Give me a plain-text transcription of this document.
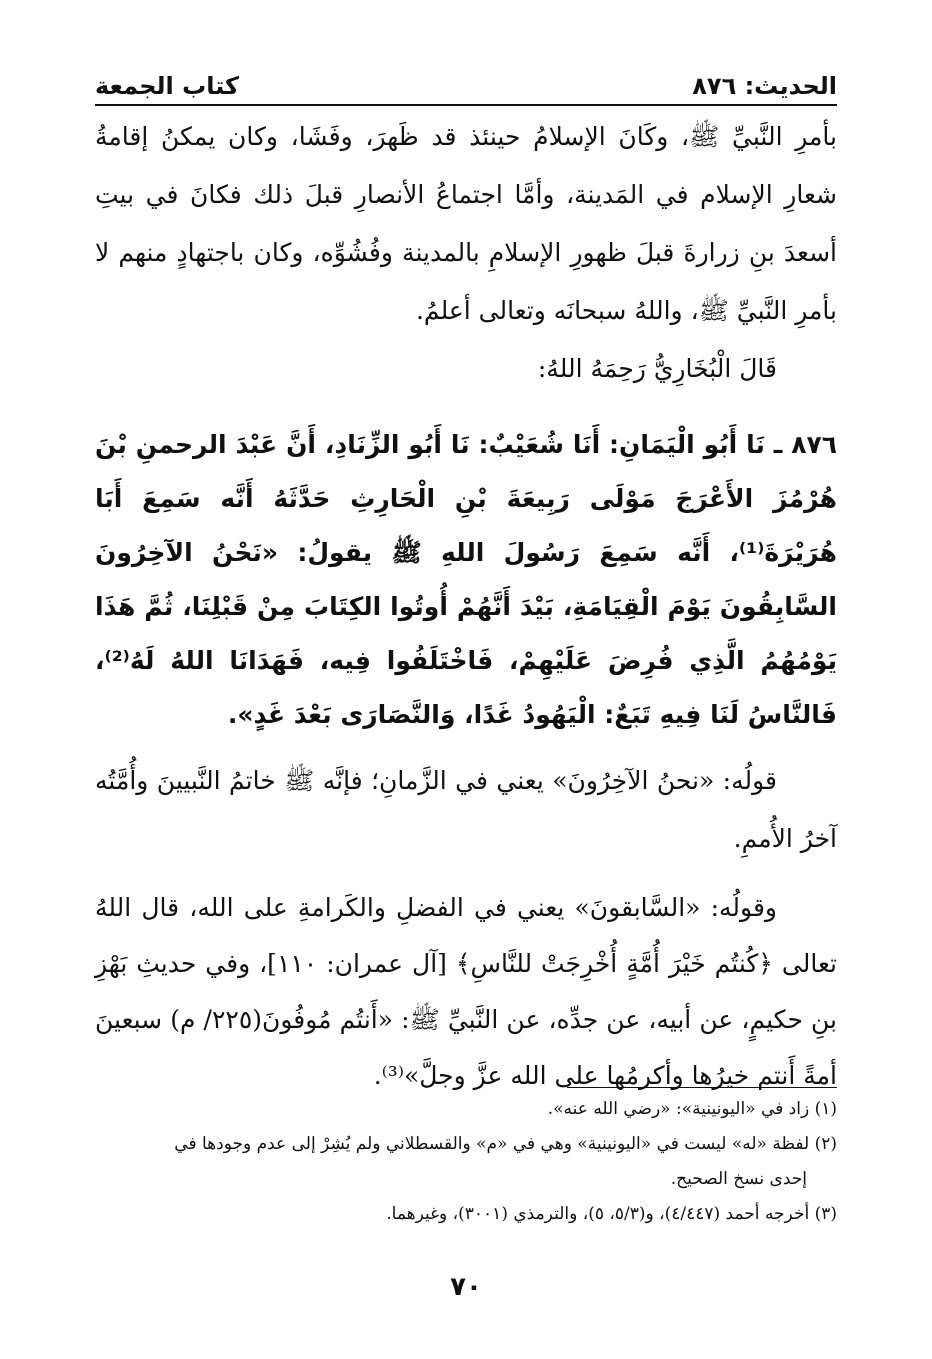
الحديث: ٨٧٦
كتاب الجمعة

بأمرِ النَّبيِّ ﷺ، وكَانَ الإسلامُ حينئذ قد ظَهرَ، وفَشَا، وكان يمكنُ إقامةُ شعارِ الإسلام في المَدينة، وأمَّا اجتماعُ الأنصارِ قبلَ ذلك فكانَ في بيتِ أسعدَ بنِ زرارةَ قبلَ ظهورِ الإسلامِ بالمدينة وفُشُوِّه، وكان باجتهادٍ منهم لا بأمرِ النَّبيِّ ﷺ، واللهُ سبحانَه وتعالى أعلمُ.

قَالَ الْبُخَارِيُّ رَحِمَهُ اللهُ:

٨٧٦ ـ نَا أَبُو الْيَمَانِ: أَنَا شُعَيْبٌ: نَا أَبُو الزِّنَادِ، أَنَّ عَبْدَ الرحمنِ بْنَ هُرْمُزَ الأَعْرَجَ مَوْلَى رَبِيعَةَ بْنِ الْحَارِثِ حَدَّثَهُ أَنَّه سَمِعَ أَبَا هُرَيْرَةَ⁽¹⁾، أَنَّه سَمِعَ رَسُولَ اللهِ ﷺ يقولُ: «نَحْنُ الآخِرُونَ السَّابِقُونَ يَوْمَ الْقِيَامَةِ، بَيْدَ أَنَّهُمْ أُوتُوا الكِتَابَ مِنْ قَبْلِنَا، ثُمَّ هَذَا يَوْمُهُمُ الَّذِي فُرِضَ عَلَيْهِمْ، فَاخْتَلَفُوا فِيه، فَهَدَانَا اللهُ لَهُ⁽²⁾، فَالنَّاسُ لَنَا فِيهِ تَبَعٌ: الْيَهُودُ غَدًا، وَالنَّصَارَى بَعْدَ غَدٍ».

قولُه: «نحنُ الآخِرُونَ» يعني في الزَّمانِ؛ فإنَّه ﷺ خاتمُ النَّبيينَ وأُمَّتُه آخرُ الأُممِ.

وقولُه: «السَّابقونَ» يعني في الفضلِ والكَرامةِ على الله، قال اللهُ تعالى ﴿كُنتُم خَيْرَ أُمَّةٍ أُخْرِجَتْ للنَّاسِ﴾ [آل عمران: ١١٠]، وفي حديثِ بَهْزِ بنِ حكيمٍ، عن أبيه، عن جدِّه، عن النَّبيِّ ﷺ: «أَنتُم مُوفُونَ(٢٢٥/ م) سبعينَ أمةً أَنتم خيرُها وأكرمُها على الله عزَّ وجلَّ»⁽³⁾.

(١) زاد في «اليونينية»: «رضي الله عنه».

(٢) لفظة «له» ليست في «اليونينية» وهي في «م» والقسطلاني ولم يُشِرْ إلى عدم وجودها في

إحدى نسخ الصحيح.

(٣) أخرجه أحمد (٤/٤٤٧)، و(٥/٣، ٥)، والترمذي (٣٠٠١)، وغيرهما.

٧٠
